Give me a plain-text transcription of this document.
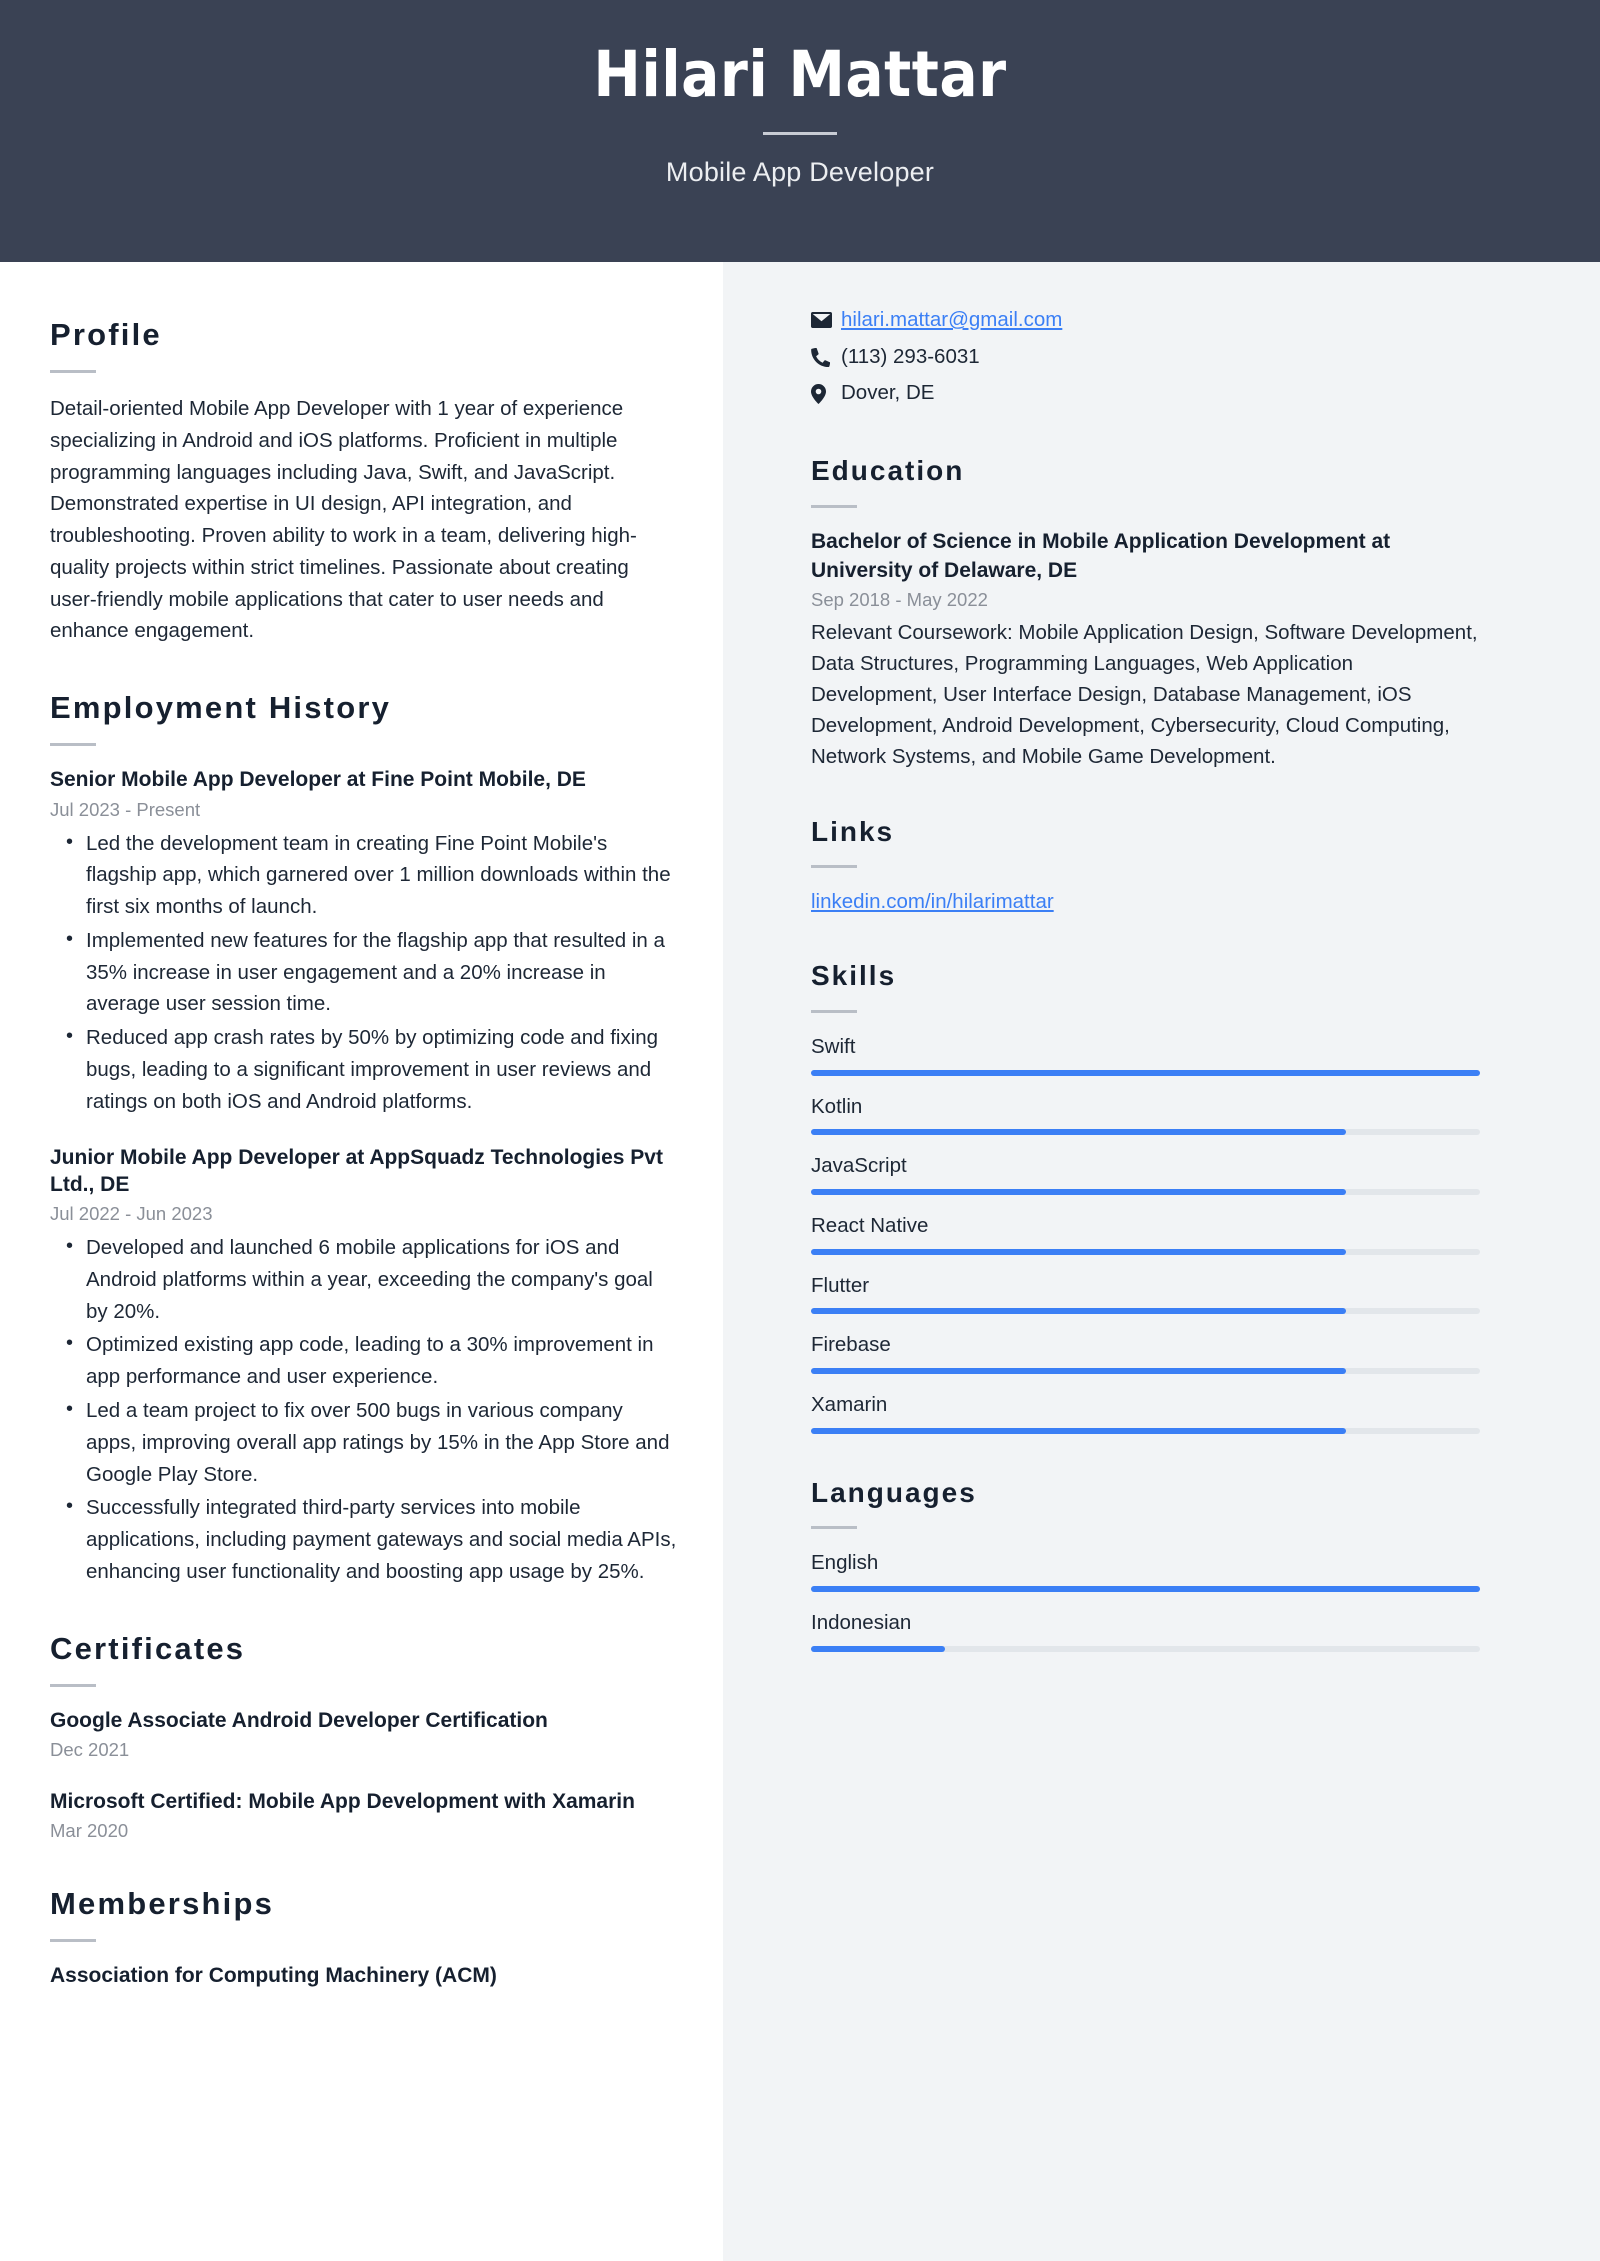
Hilari Mattar
Mobile App Developer
Profile
Detail-oriented Mobile App Developer with 1 year of experience specializing in Android and iOS platforms. Proficient in multiple programming languages including Java, Swift, and JavaScript. Demonstrated expertise in UI design, API integration, and troubleshooting. Proven ability to work in a team, delivering high-quality projects within strict timelines. Passionate about creating user-friendly mobile applications that cater to user needs and enhance engagement.
Employment History
Senior Mobile App Developer at Fine Point Mobile, DE
Jul 2023 - Present
• Led the development team in creating Fine Point Mobile's flagship app, which garnered over 1 million downloads within the first six months of launch.
• Implemented new features for the flagship app that resulted in a 35% increase in user engagement and a 20% increase in average user session time.
• Reduced app crash rates by 50% by optimizing code and fixing bugs, leading to a significant improvement in user reviews and ratings on both iOS and Android platforms.
Junior Mobile App Developer at AppSquadz Technologies Pvt Ltd., DE
Jul 2022 - Jun 2023
• Developed and launched 6 mobile applications for iOS and Android platforms within a year, exceeding the company's goal by 20%.
• Optimized existing app code, leading to a 30% improvement in app performance and user experience.
• Led a team project to fix over 500 bugs in various company apps, improving overall app ratings by 15% in the App Store and Google Play Store.
• Successfully integrated third-party services into mobile applications, including payment gateways and social media APIs, enhancing user functionality and boosting app usage by 25%.
Certificates
Google Associate Android Developer Certification
Dec 2021
Microsoft Certified: Mobile App Development with Xamarin
Mar 2020
Memberships
Association for Computing Machinery (ACM)
hilari.mattar@gmail.com
(113) 293-6031
Dover, DE
Education
Bachelor of Science in Mobile Application Development at University of Delaware, DE
Sep 2018 - May 2022
Relevant Coursework: Mobile Application Design, Software Development, Data Structures, Programming Languages, Web Application Development, User Interface Design, Database Management, iOS Development, Android Development, Cybersecurity, Cloud Computing, Network Systems, and Mobile Game Development.
Links
linkedin.com/in/hilarimattar
Skills
Swift
Kotlin
JavaScript
React Native
Flutter
Firebase
Xamarin
Languages
English
Indonesian
